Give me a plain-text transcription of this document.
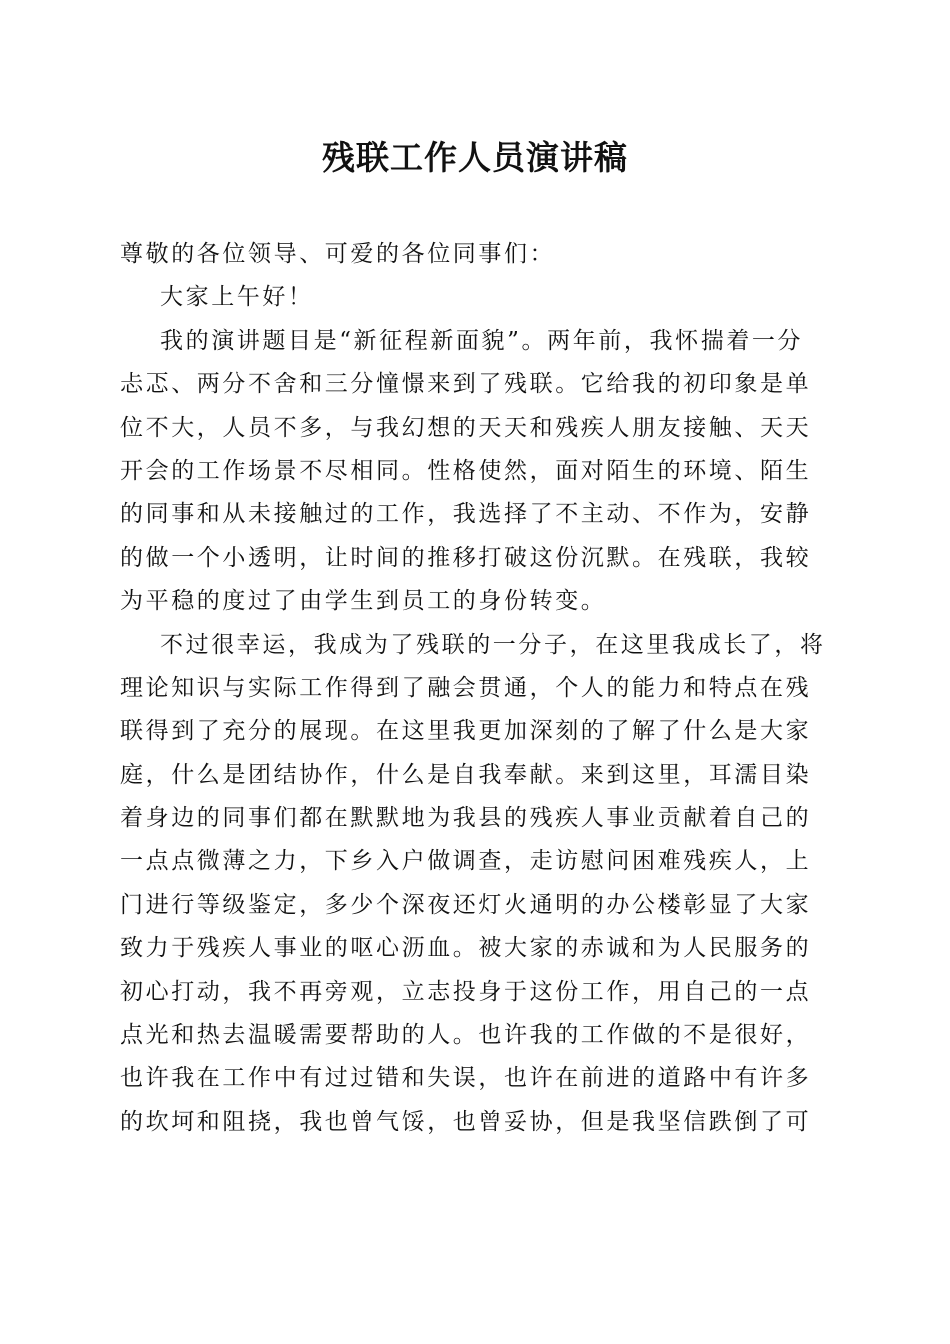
残联工作人员演讲稿
尊敬的各位领导、可爱的各位同事们：
大家上午好！
我的演讲题目是“新征程新面貌”。两年前，我怀揣着一分
忐忑、两分不舍和三分憧憬来到了残联。它给我的初印象是单
位不大，人员不多，与我幻想的天天和残疾人朋友接触、天天
开会的工作场景不尽相同。性格使然，面对陌生的环境、陌生
的同事和从未接触过的工作，我选择了不主动、不作为，安静
的做一个小透明，让时间的推移打破这份沉默。在残联，我较
为平稳的度过了由学生到员工的身份转变。
不过很幸运，我成为了残联的一分子，在这里我成长了，将
理论知识与实际工作得到了融会贯通，个人的能力和特点在残
联得到了充分的展现。在这里我更加深刻的了解了什么是大家
庭，什么是团结协作，什么是自我奉献。来到这里，耳濡目染
着身边的同事们都在默默地为我县的残疾人事业贡献着自己的
一点点微薄之力，下乡入户做调查，走访慰问困难残疾人，上
门进行等级鉴定，多少个深夜还灯火通明的办公楼彰显了大家
致力于残疾人事业的呕心沥血。被大家的赤诚和为人民服务的
初心打动，我不再旁观，立志投身于这份工作，用自己的一点
点光和热去温暖需要帮助的人。也许我的工作做的不是很好，
也许我在工作中有过过错和失误，也许在前进的道路中有许多
的坎坷和阻挠，我也曾气馁，也曾妥协，但是我坚信跌倒了可
